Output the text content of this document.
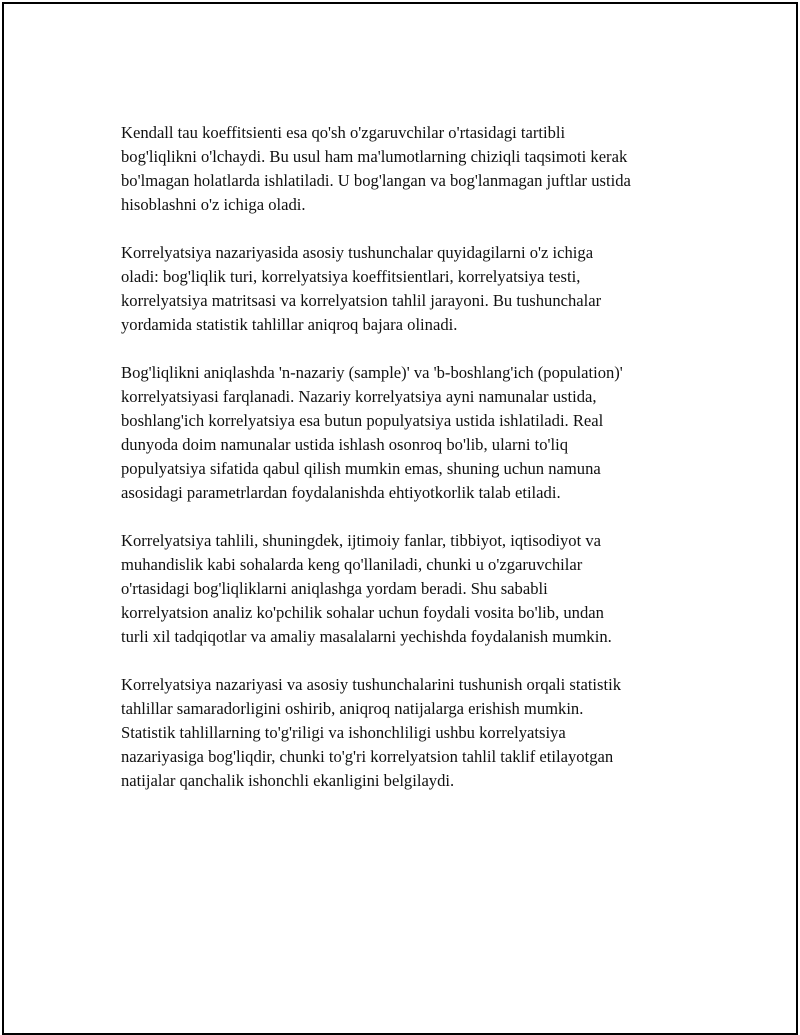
Kendall tau koeffitsienti esa qo'sh o'zgaruvchilar o'rtasidagi tartibli
bog'liqlikni o'lchaydi. Bu usul ham ma'lumotlarning chiziqli taqsimoti kerak
bo'lmagan holatlarda ishlatiladi. U bog'langan va bog'lanmagan juftlar ustida
hisoblashni o'z ichiga oladi.

Korrelyatsiya nazariyasida asosiy tushunchalar quyidagilarni o'z ichiga
oladi: bog'liqlik turi, korrelyatsiya koeffitsientlari, korrelyatsiya testi,
korrelyatsiya matritsasi va korrelyatsion tahlil jarayoni. Bu tushunchalar
yordamida statistik tahlillar aniqroq bajara olinadi.

Bog'liqlikni aniqlashda 'n-nazariy (sample)' va 'b-boshlang'ich (population)'
korrelyatsiyasi farqlanadi. Nazariy korrelyatsiya ayni namunalar ustida,
boshlang'ich korrelyatsiya esa butun populyatsiya ustida ishlatiladi. Real
dunyoda doim namunalar ustida ishlash osonroq bo'lib, ularni to'liq
populyatsiya sifatida qabul qilish mumkin emas, shuning uchun namuna
asosidagi parametrlardan foydalanishda ehtiyotkorlik talab etiladi.

Korrelyatsiya tahlili, shuningdek, ijtimoiy fanlar, tibbiyot, iqtisodiyot va
muhandislik kabi sohalarda keng qo'llaniladi, chunki u o'zgaruvchilar
o'rtasidagi bog'liqliklarni aniqlashga yordam beradi. Shu sababli
korrelyatsion analiz ko'pchilik sohalar uchun foydali vosita bo'lib, undan
turli xil tadqiqotlar va amaliy masalalarni yechishda foydalanish mumkin.

Korrelyatsiya nazariyasi va asosiy tushunchalarini tushunish orqali statistik
tahlillar samaradorligini oshirib, aniqroq natijalarga erishish mumkin.
Statistik tahlillarning to'g'riligi va ishonchliligi ushbu korrelyatsiya
nazariyasiga bog'liqdir, chunki to'g'ri korrelyatsion tahlil taklif etilayotgan
natijalar qanchalik ishonchli ekanligini belgilaydi.
